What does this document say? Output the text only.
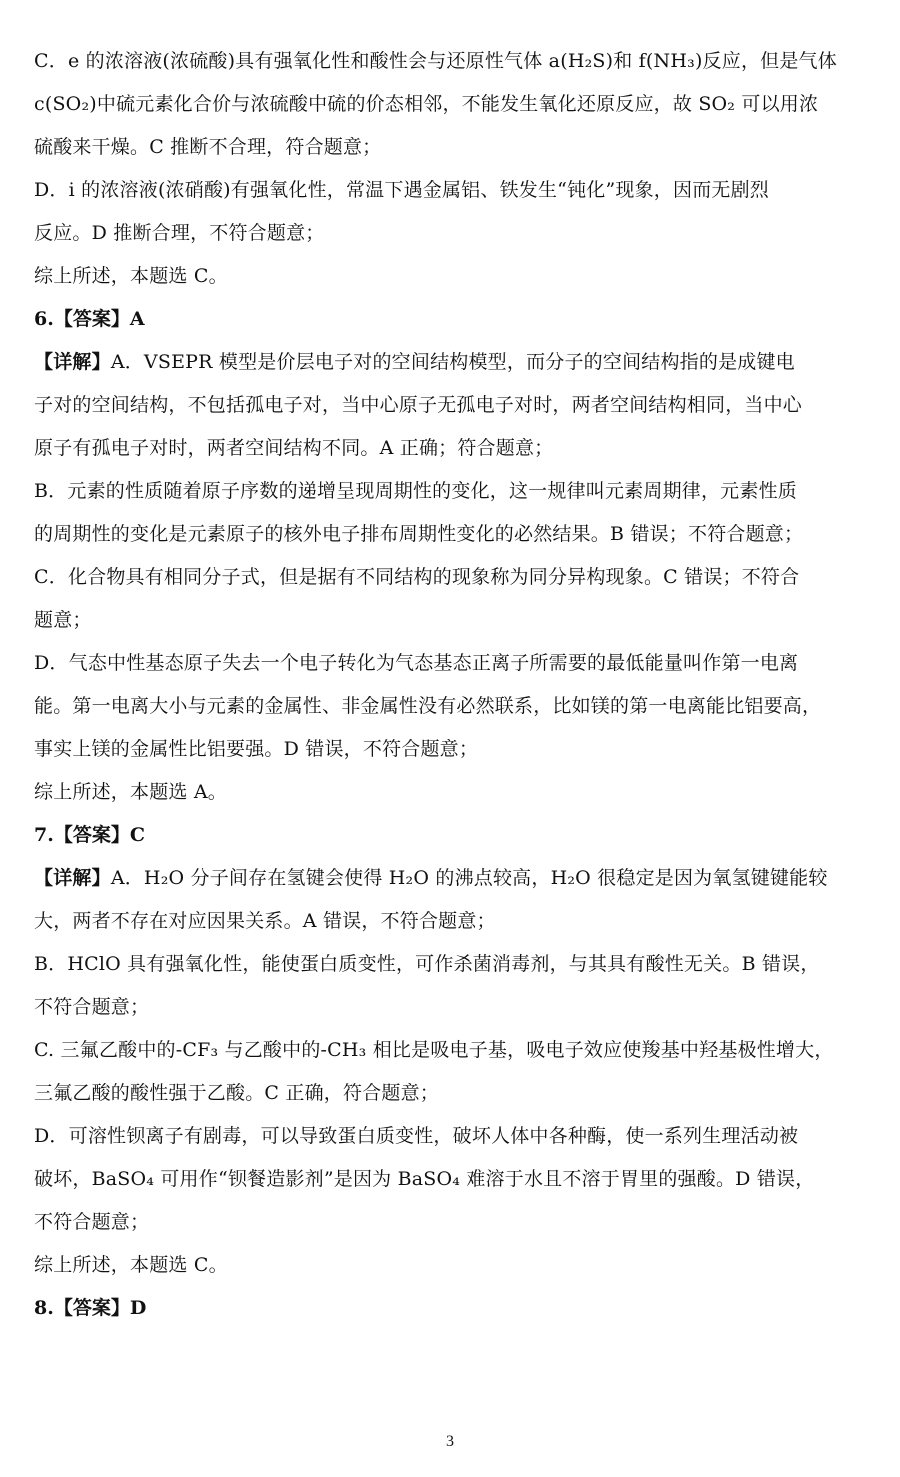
C．e 的浓溶液(浓硫酸)具有强氧化性和酸性会与还原性气体 a(H₂S)和 f(NH₃)反应，但是气体

c(SO₂)中硫元素化合价与浓硫酸中硫的价态相邻，不能发生氧化还原反应，故 SO₂ 可以用浓

硫酸来干燥。C 推断不合理，符合题意；

D．i 的浓溶液(浓硝酸)有强氧化性，常温下遇金属铝、铁发生“钝化”现象，因而无剧烈

反应。D 推断合理，不符合题意；

综上所述，本题选 C。

6.【答案】A

【详解】A．VSEPR 模型是价层电子对的空间结构模型，而分子的空间结构指的是成键电

子对的空间结构，不包括孤电子对，当中心原子无孤电子对时，两者空间结构相同，当中心

原子有孤电子对时，两者空间结构不同。A 正确；符合题意；

B．元素的性质随着原子序数的递增呈现周期性的变化，这一规律叫元素周期律，元素性质

的周期性的变化是元素原子的核外电子排布周期性变化的必然结果。B 错误；不符合题意；

C．化合物具有相同分子式，但是据有不同结构的现象称为同分异构现象。C 错误；不符合

题意；

D．气态中性基态原子失去一个电子转化为气态基态正离子所需要的最低能量叫作第一电离

能。第一电离大小与元素的金属性、非金属性没有必然联系，比如镁的第一电离能比铝要高，

事实上镁的金属性比铝要强。D 错误，不符合题意；

综上所述，本题选 A。

7.【答案】C

【详解】A．H₂O 分子间存在氢键会使得 H₂O 的沸点较高，H₂O 很稳定是因为氧氢键键能较

大，两者不存在对应因果关系。A 错误，不符合题意；

B．HClO 具有强氧化性，能使蛋白质变性，可作杀菌消毒剂，与其具有酸性无关。B 错误，

不符合题意；

C. 三氟乙酸中的-CF₃ 与乙酸中的-CH₃ 相比是吸电子基，吸电子效应使羧基中羟基极性增大，

三氟乙酸的酸性强于乙酸。C 正确，符合题意；

D．可溶性钡离子有剧毒，可以导致蛋白质变性，破坏人体中各种酶，使一系列生理活动被

破坏，BaSO₄ 可用作“钡餐造影剂”是因为 BaSO₄ 难溶于水且不溶于胃里的强酸。D 错误，

不符合题意；

综上所述，本题选 C。

8.【答案】D

3
